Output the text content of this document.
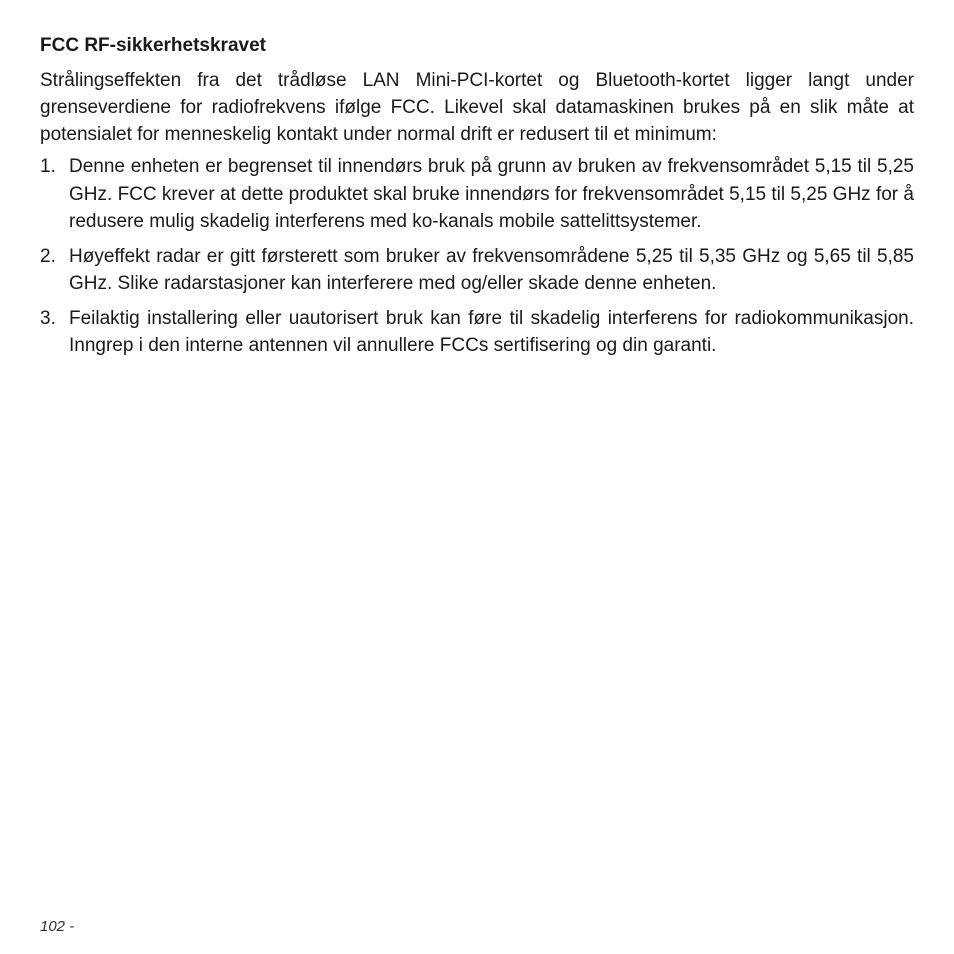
FCC RF-sikkerhetskravet

Strålingseffekten fra det trådløse LAN Mini-PCI-kortet og Bluetooth-kortet ligger langt under grenseverdiene for radiofrekvens ifølge FCC. Likevel skal datamaskinen brukes på en slik måte at potensialet for menneskelig kontakt under normal drift er redusert til et minimum:

1. Denne enheten er begrenset til innendørs bruk på grunn av bruken av frekvensområdet 5,15 til 5,25 GHz. FCC krever at dette produktet skal bruke innendørs for frekvensområdet 5,15 til 5,25 GHz for å redusere mulig skadelig interferens med ko-kanals mobile sattelittsystemer.
2. Høyeffekt radar er gitt førsterett som bruker av frekvensområdene 5,25 til 5,35 GHz og 5,65 til 5,85 GHz. Slike radarstasjoner kan interferere med og/eller skade denne enheten.
3. Feilaktig installering eller uautorisert bruk kan føre til skadelig interferens for radiokommunikasjon. Inngrep i den interne antennen vil annullere FCCs sertifisering og din garanti.
102 -
